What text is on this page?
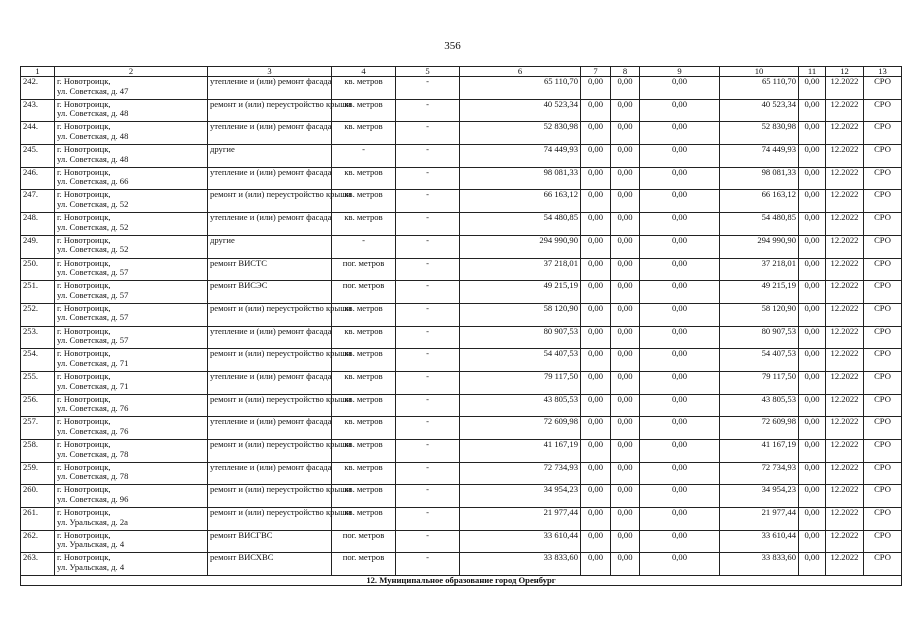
356
1	2	3	4	5	6	7	8	9	10	11	12	13
242.	г. Новотроицк,
ул. Советская, д. 47	утепление и (или) ремонт фасада	кв. метров	-	65 110,70	0,00	0,00	0,00	65 110,70	0,00	12.2022	СРО
243.	г. Новотроицк,
ул. Советская, д. 48	ремонт и (или) переустройство крыши	кв. метров	-	40 523,34	0,00	0,00	0,00	40 523,34	0,00	12.2022	СРО
244.	г. Новотроицк,
ул. Советская, д. 48	утепление и (или) ремонт фасада	кв. метров	-	52 830,98	0,00	0,00	0,00	52 830,98	0,00	12.2022	СРО
245.	г. Новотроицк,
ул. Советская, д. 48	другие	-	-	74 449,93	0,00	0,00	0,00	74 449,93	0,00	12.2022	СРО
246.	г. Новотроицк,
ул. Советская, д. 66	утепление и (или) ремонт фасада	кв. метров	-	98 081,33	0,00	0,00	0,00	98 081,33	0,00	12.2022	СРО
247.	г. Новотроицк,
ул. Советская, д. 52	ремонт и (или) переустройство крыши	кв. метров	-	66 163,12	0,00	0,00	0,00	66 163,12	0,00	12.2022	СРО
248.	г. Новотроицк,
ул. Советская, д. 52	утепление и (или) ремонт фасада	кв. метров	-	54 480,85	0,00	0,00	0,00	54 480,85	0,00	12.2022	СРО
249.	г. Новотроицк,
ул. Советская, д. 52	другие	-	-	294 990,90	0,00	0,00	0,00	294 990,90	0,00	12.2022	СРО
250.	г. Новотроицк,
ул. Советская, д. 57	ремонт ВИСТС	пог. метров	-	37 218,01	0,00	0,00	0,00	37 218,01	0,00	12.2022	СРО
251.	г. Новотроицк,
ул. Советская, д. 57	ремонт ВИСЭС	пог. метров	-	49 215,19	0,00	0,00	0,00	49 215,19	0,00	12.2022	СРО
252.	г. Новотроицк,
ул. Советская, д. 57	ремонт и (или) переустройство крыши	кв. метров	-	58 120,90	0,00	0,00	0,00	58 120,90	0,00	12.2022	СРО
253.	г. Новотроицк,
ул. Советская, д. 57	утепление и (или) ремонт фасада	кв. метров	-	80 907,53	0,00	0,00	0,00	80 907,53	0,00	12.2022	СРО
254.	г. Новотроицк,
ул. Советская, д. 71	ремонт и (или) переустройство крыши	кв. метров	-	54 407,53	0,00	0,00	0,00	54 407,53	0,00	12.2022	СРО
255.	г. Новотроицк,
ул. Советская, д. 71	утепление и (или) ремонт фасада	кв. метров	-	79 117,50	0,00	0,00	0,00	79 117,50	0,00	12.2022	СРО
256.	г. Новотроицк,
ул. Советская, д. 76	ремонт и (или) переустройство крыши	кв. метров	-	43 805,53	0,00	0,00	0,00	43 805,53	0,00	12.2022	СРО
257.	г. Новотроицк,
ул. Советская, д. 76	утепление и (или) ремонт фасада	кв. метров	-	72 609,98	0,00	0,00	0,00	72 609,98	0,00	12.2022	СРО
258.	г. Новотроицк,
ул. Советская, д. 78	ремонт и (или) переустройство крыши	кв. метров	-	41 167,19	0,00	0,00	0,00	41 167,19	0,00	12.2022	СРО
259.	г. Новотроицк,
ул. Советская, д. 78	утепление и (или) ремонт фасада	кв. метров	-	72 734,93	0,00	0,00	0,00	72 734,93	0,00	12.2022	СРО
260.	г. Новотроицк,
ул. Советская, д. 96	ремонт и (или) переустройство крыши	кв. метров	-	34 954,23	0,00	0,00	0,00	34 954,23	0,00	12.2022	СРО
261.	г. Новотроицк,
ул. Уральская, д. 2а	ремонт и (или) переустройство крыши	кв. метров	-	21 977,44	0,00	0,00	0,00	21 977,44	0,00	12.2022	СРО
262.	г. Новотроицк,
ул. Уральская, д. 4	ремонт ВИСГВС	пог. метров	-	33 610,44	0,00	0,00	0,00	33 610,44	0,00	12.2022	СРО
263.	г. Новотроицк,
ул. Уральская, д. 4	ремонт ВИСХВС	пог. метров	-	33 833,60	0,00	0,00	0,00	33 833,60	0,00	12.2022	СРО
12. Муниципальное образование город Оренбург												
